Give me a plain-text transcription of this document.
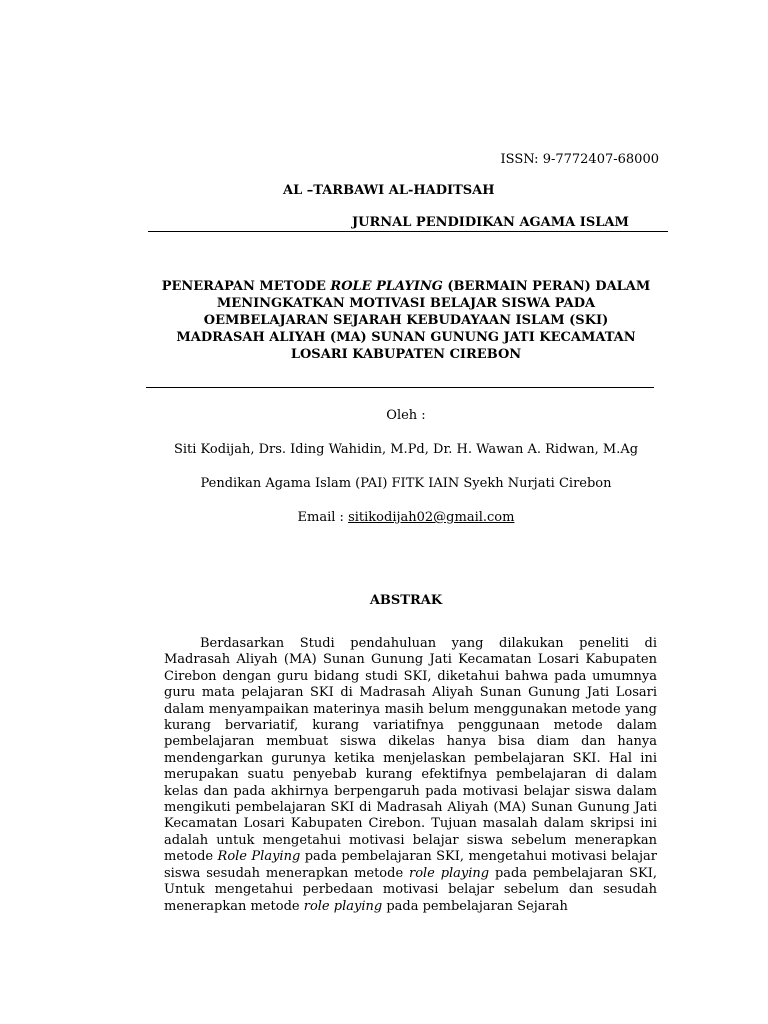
ISSN: 9-7772407-68000
AL –TARBAWI AL-HADITSAH
JURNAL PENDIDIKAN AGAMA ISLAM
PENERAPAN METODE ROLE PLAYING (BERMAIN PERAN) DALAM
MENINGKATKAN MOTIVASI BELAJAR SISWA PADA
OEMBELAJARAN SEJARAH KEBUDAYAAN ISLAM (SKI)
MADRASAH ALIYAH (MA) SUNAN GUNUNG JATI KECAMATAN
LOSARI KABUPATEN CIREBON
Oleh :
Siti Kodijah, Drs. Iding Wahidin, M.Pd, Dr. H. Wawan A. Ridwan, M.Ag
Pendikan Agama Islam (PAI) FITK IAIN Syekh Nurjati Cirebon
Email : sitikodijah02@gmail.com
ABSTRAK

Berdasarkan Studi pendahuluan yang dilakukan peneliti di Madrasah Aliyah (MA) Sunan Gunung Jati Kecamatan Losari Kabupaten Cirebon dengan guru bidang studi SKI, diketahui bahwa pada umumnya guru mata pelajaran SKI di Madrasah Aliyah Sunan Gunung Jati Losari dalam menyampaikan materinya masih belum menggunakan metode yang kurang bervariatif, kurang variatifnya penggunaan metode dalam pembelajaran membuat siswa dikelas hanya bisa diam dan hanya mendengarkan gurunya ketika menjelaskan pembelajaran SKI. Hal ini merupakan suatu penyebab kurang efektifnya pembelajaran di dalam kelas dan pada akhirnya berpengaruh pada motivasi belajar siswa dalam mengikuti pembelajaran SKI di Madrasah Aliyah (MA) Sunan Gunung Jati Kecamatan Losari Kabupaten Cirebon. Tujuan masalah dalam skripsi ini adalah untuk mengetahui motivasi belajar siswa sebelum menerapkan metode Role Playing pada pembelajaran SKI, mengetahui motivasi belajar siswa sesudah menerapkan metode role playing pada pembelajaran SKI, Untuk mengetahui perbedaan motivasi belajar sebelum dan sesudah menerapkan metode role playing pada pembelajaran Sejarah
